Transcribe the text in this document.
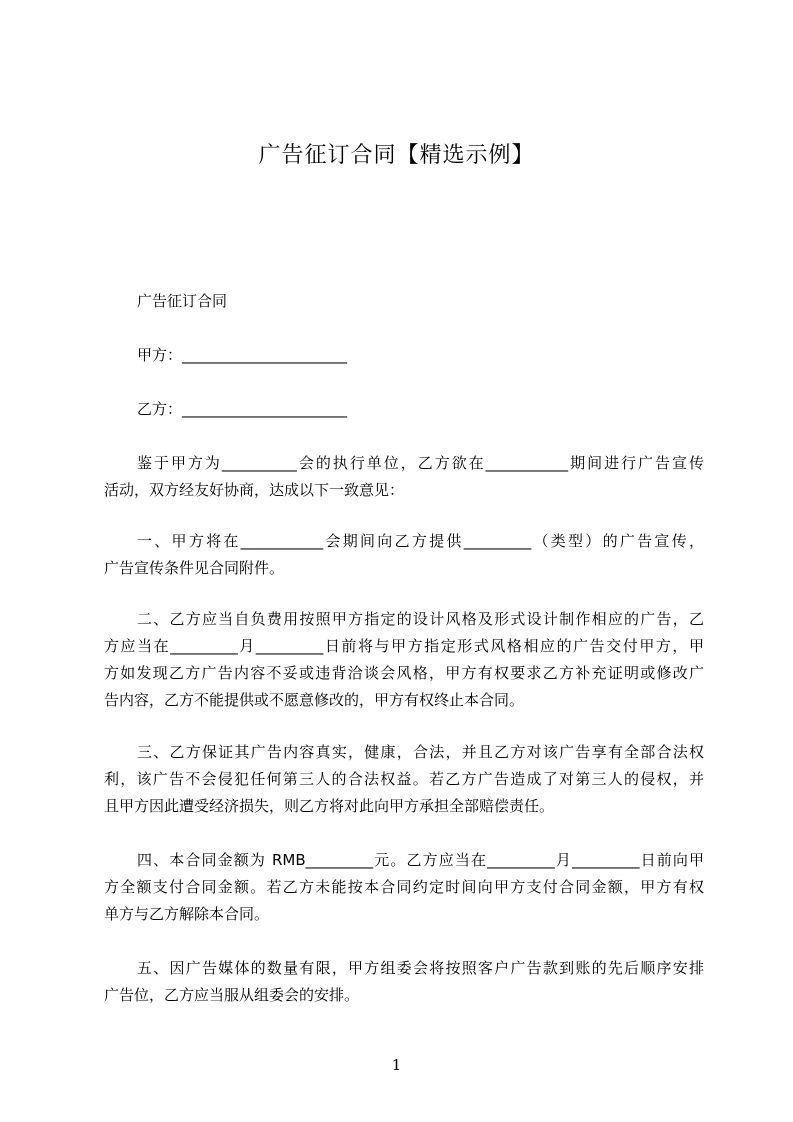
广告征订合同【精选示例】
广告征订合同
甲方：______________________
乙方：______________________
鉴于甲方为__________会的执行单位，乙方欲在___________期间进行广告宣传
活动，双方经友好协商，达成以下一致意见：
一、甲方将在___________会期间向乙方提供_________（类型）的广告宣传，
广告宣传条件见合同附件。
二、乙方应当自负费用按照甲方指定的设计风格及形式设计制作相应的广告，乙
方应当在_________月_________日前将与甲方指定形式风格相应的广告交付甲方，甲
方如发现乙方广告内容不妥或违背洽谈会风格，甲方有权要求乙方补充证明或修改广
告内容，乙方不能提供或不愿意修改的，甲方有权终止本合同。
三、乙方保证其广告内容真实，健康，合法，并且乙方对该广告享有全部合法权
利，该广告不会侵犯任何第三人的合法权益。若乙方广告造成了对第三人的侵权，并
且甲方因此遭受经济损失，则乙方将对此向甲方承担全部赔偿责任。
四、本合同金额为 RMB_________元。乙方应当在_________月_________日前向甲
方全额支付合同金额。若乙方未能按本合同约定时间向甲方支付合同金额，甲方有权
单方与乙方解除本合同。
五、因广告媒体的数量有限，甲方组委会将按照客户广告款到账的先后顺序安排
广告位，乙方应当服从组委会的安排。
1
